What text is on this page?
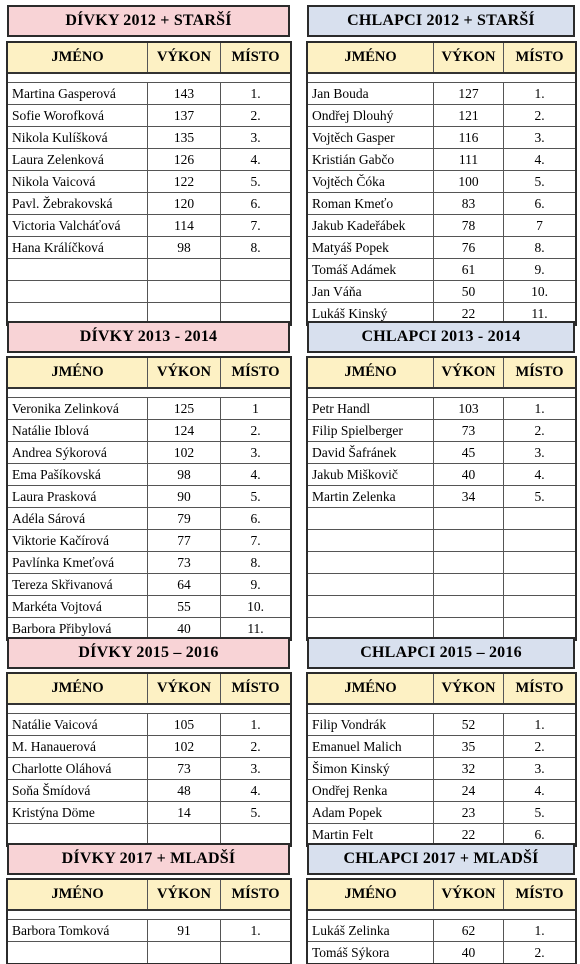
DÍVKY 2012 + STARŠÍ	CHLAPCI 2012 + STARŠÍ
JMÉNO	VÝKON	MÍSTO

Martina Gasperová	143	1.
Sofie Worofková	137	2.
Nikola Kulíšková	135	3.
Laura Zelenková	126	4.
Nikola Vaicová	122	5.
Pavl. Žebrakovská	120	6.
Victoria Valcháťová	114	7.
Hana Králíčková	98	8.

JMÉNO	VÝKON	MÍSTO

Jan Bouda	127	1.
Ondřej Dlouhý	121	2.
Vojtěch Gasper	116	3.
Kristián Gabčo	111	4.
Vojtěch Čóka	100	5.
Roman Kmeťo	83	6.
Jakub Kadeřábek	78	7
Matyáš Popek	76	8.
Tomáš Adámek	61	9.
Jan Váňa	50	10.
Lukáš Kinský	22	11.
DÍVKY 2013 - 2014	CHLAPCI 2013 - 2014
JMÉNO	VÝKON	MÍSTO

Veronika Zelinková	125	1
Natálie Iblová	124	2.
Andrea Sýkorová	102	3.
Ema Pašíkovská	98	4.
Laura Prasková	90	5.
Adéla Sárová	79	6.
Viktorie Kačírová	77	7.
Pavlínka Kmeťová	73	8.
Tereza Skřivanová	64	9.
Markéta Vojtová	55	10.
Barbora Přibylová	40	11.
JMÉNO	VÝKON	MÍSTO

Petr Handl	103	1.
Filip Spielberger	73	2.
David Šafránek	45	3.
Jakub Miškovič	40	4.
Martin Zelenka	34	5.

DÍVKY 2015 – 2016	CHLAPCI 2015 – 2016
JMÉNO	VÝKON	MÍSTO

Natálie Vaicová	105	1.
M. Hanauerová	102	2.
Charlotte Oláhová	73	3.
Soňa Šmídová	48	4.
Kristýna Döme	14	5.

JMÉNO	VÝKON	MÍSTO

Filip Vondrák	52	1.
Emanuel Malich	35	2.
Šimon Kinský	32	3.
Ondřej Renka	24	4.
Adam Popek	23	5.
Martin Felt	22	6.
DÍVKY 2017 + MLADŠÍ	CHLAPCI 2017 + MLADŠÍ
JMÉNO	VÝKON	MÍSTO

Barbora Tomková	91	1.

JMÉNO	VÝKON	MÍSTO

Lukáš Zelinka	62	1.
Tomáš Sýkora	40	2.
